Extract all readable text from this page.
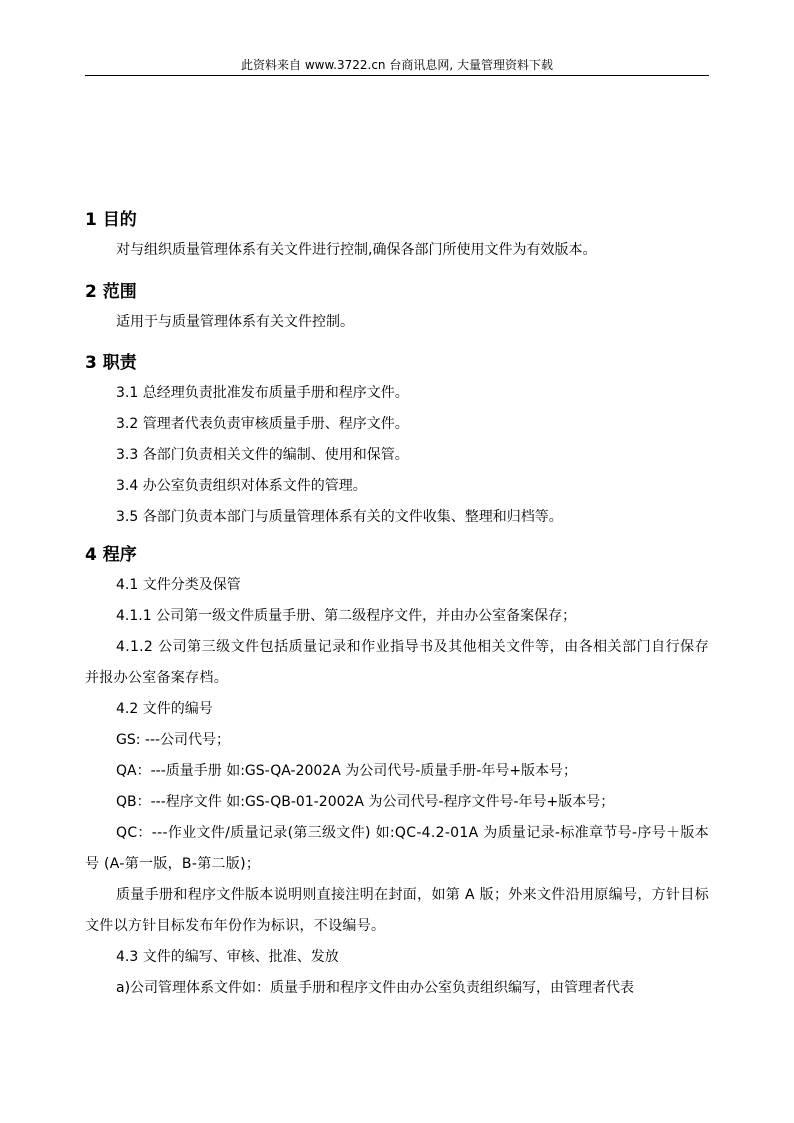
此资料来自 www.3722.cn 台商讯息网, 大量管理资料下载
1 目的
对与组织质量管理体系有关文件进行控制,确保各部门所使用文件为有效版本。
2 范围
适用于与质量管理体系有关文件控制。
3 职责
3.1 总经理负责批准发布质量手册和程序文件。
3.2 管理者代表负责审核质量手册、程序文件。
3.3 各部门负责相关文件的编制、使用和保管。
3.4 办公室负责组织对体系文件的管理。
3.5 各部门负责本部门与质量管理体系有关的文件收集、整理和归档等。
4 程序
4.1 文件分类及保管
4.1.1 公司第一级文件质量手册、第二级程序文件，并由办公室备案保存；
4.1.2 公司第三级文件包括质量记录和作业指导书及其他相关文件等，由各相关部门自行保存并报办公室备案存档。
4.2 文件的编号
GS: ---公司代号；
QA：---质量手册 如:GS-QA-2002A 为公司代号-质量手册-年号+版本号；
QB：---程序文件 如:GS-QB-01-2002A 为公司代号-程序文件号-年号+版本号；
QC：---作业文件/质量记录(第三级文件) 如:QC-4.2-01A 为质量记录-标准章节号-序号＋版本号 (A-第一版，B-第二版)；
质量手册和程序文件版本说明则直接注明在封面，如第 A 版；外来文件沿用原编号，方针目标文件以方针目标发布年份作为标识，不设编号。
4.3 文件的编写、审核、批准、发放
a)公司管理体系文件如：质量手册和程序文件由办公室负责组织编写，由管理者代表
